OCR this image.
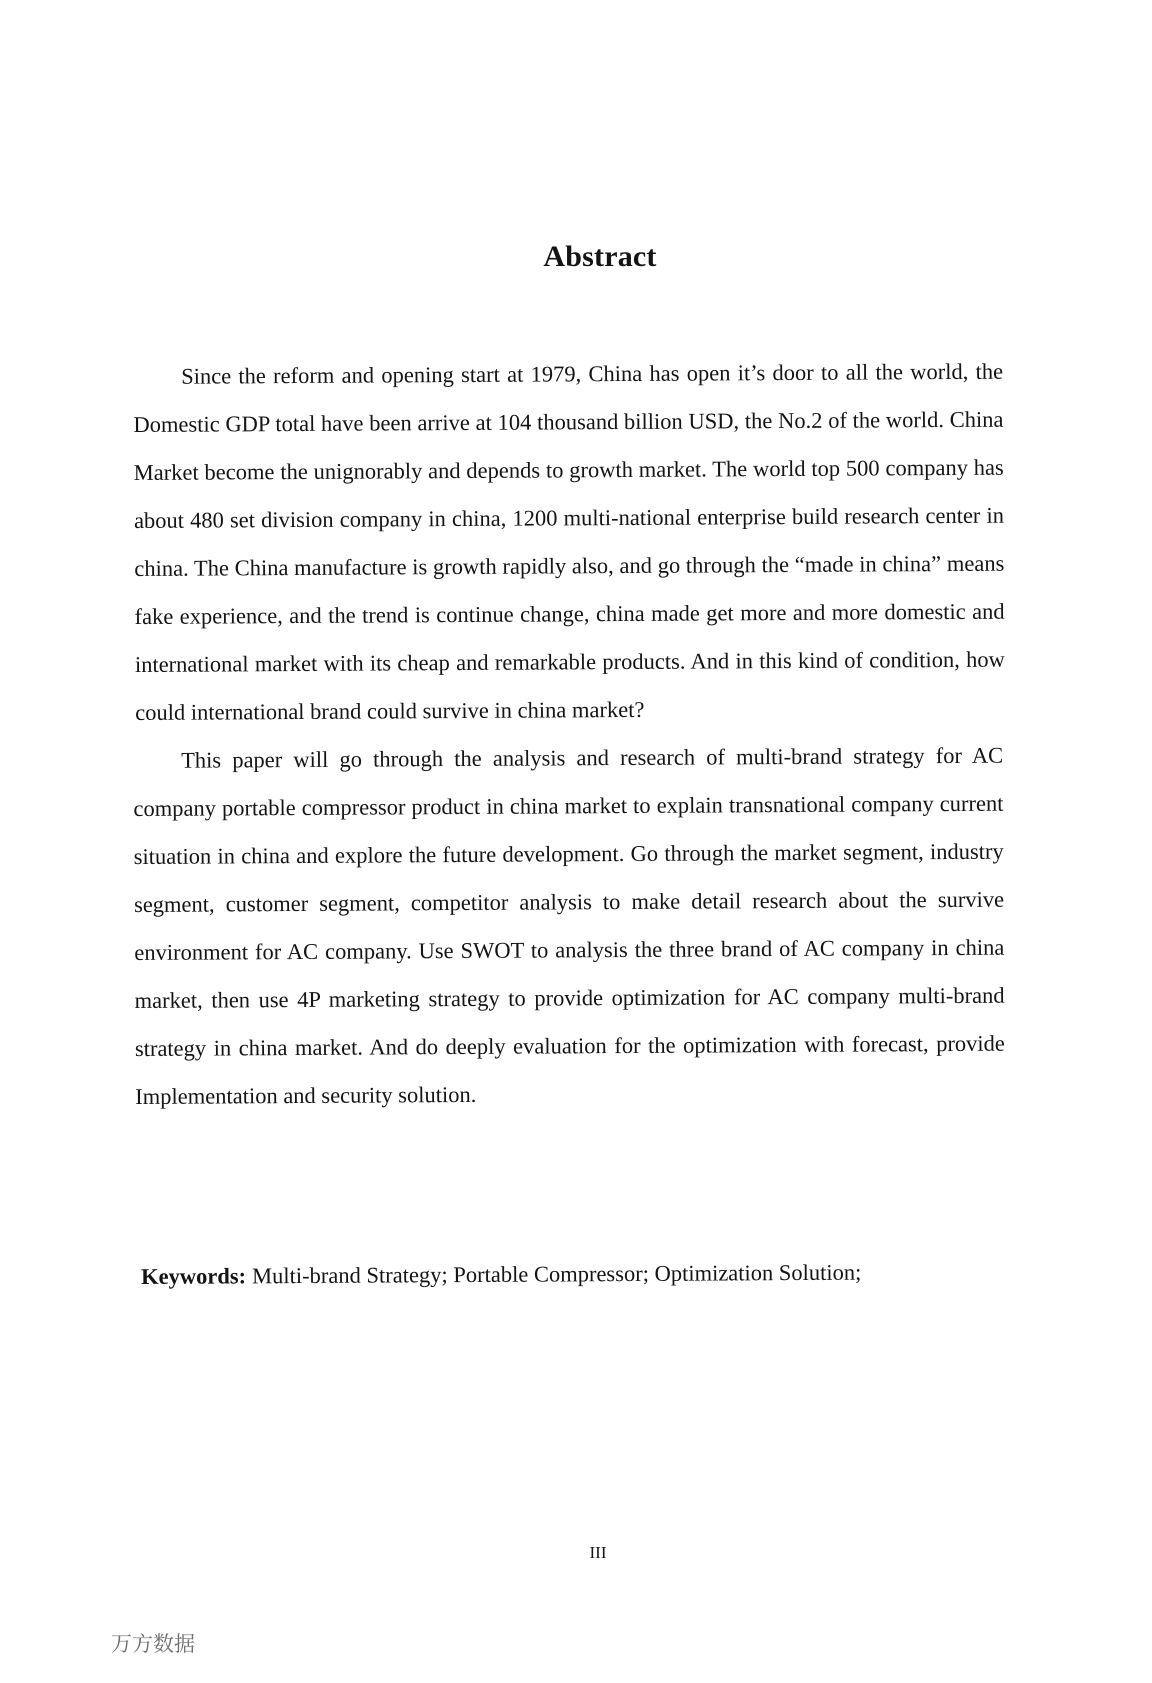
Abstract

Since the reform and opening start at 1979, China has open it’s door to all the world, the Domestic GDP total have been arrive at 104 thousand billion USD, the No.2 of the world. China Market become the unignorably and depends to growth market. The world top 500 company has about 480 set division company in china, 1200 multi-national enterprise build research center in china. The China manufacture is growth rapidly also, and go through the “made in china” means fake experience, and the trend is continue change, china made get more and more domestic and international market with its cheap and remarkable products. And in this kind of condition, how could international brand could survive in china market?

This paper will go through the analysis and research of multi-brand strategy for AC company portable compressor product in china market to explain transnational company current situation in china and explore the future development. Go through the market segment, industry segment, customer segment, competitor analysis to make detail research about the survive environment for AC company. Use SWOT to analysis the three brand of AC company in china market, then use 4P marketing strategy to provide optimization for AC company multi-brand strategy in china market. And do deeply evaluation for the optimization with forecast, provide Implementation and security solution.

Keywords: Multi-brand Strategy; Portable Compressor; Optimization Solution;

III

万方数据
